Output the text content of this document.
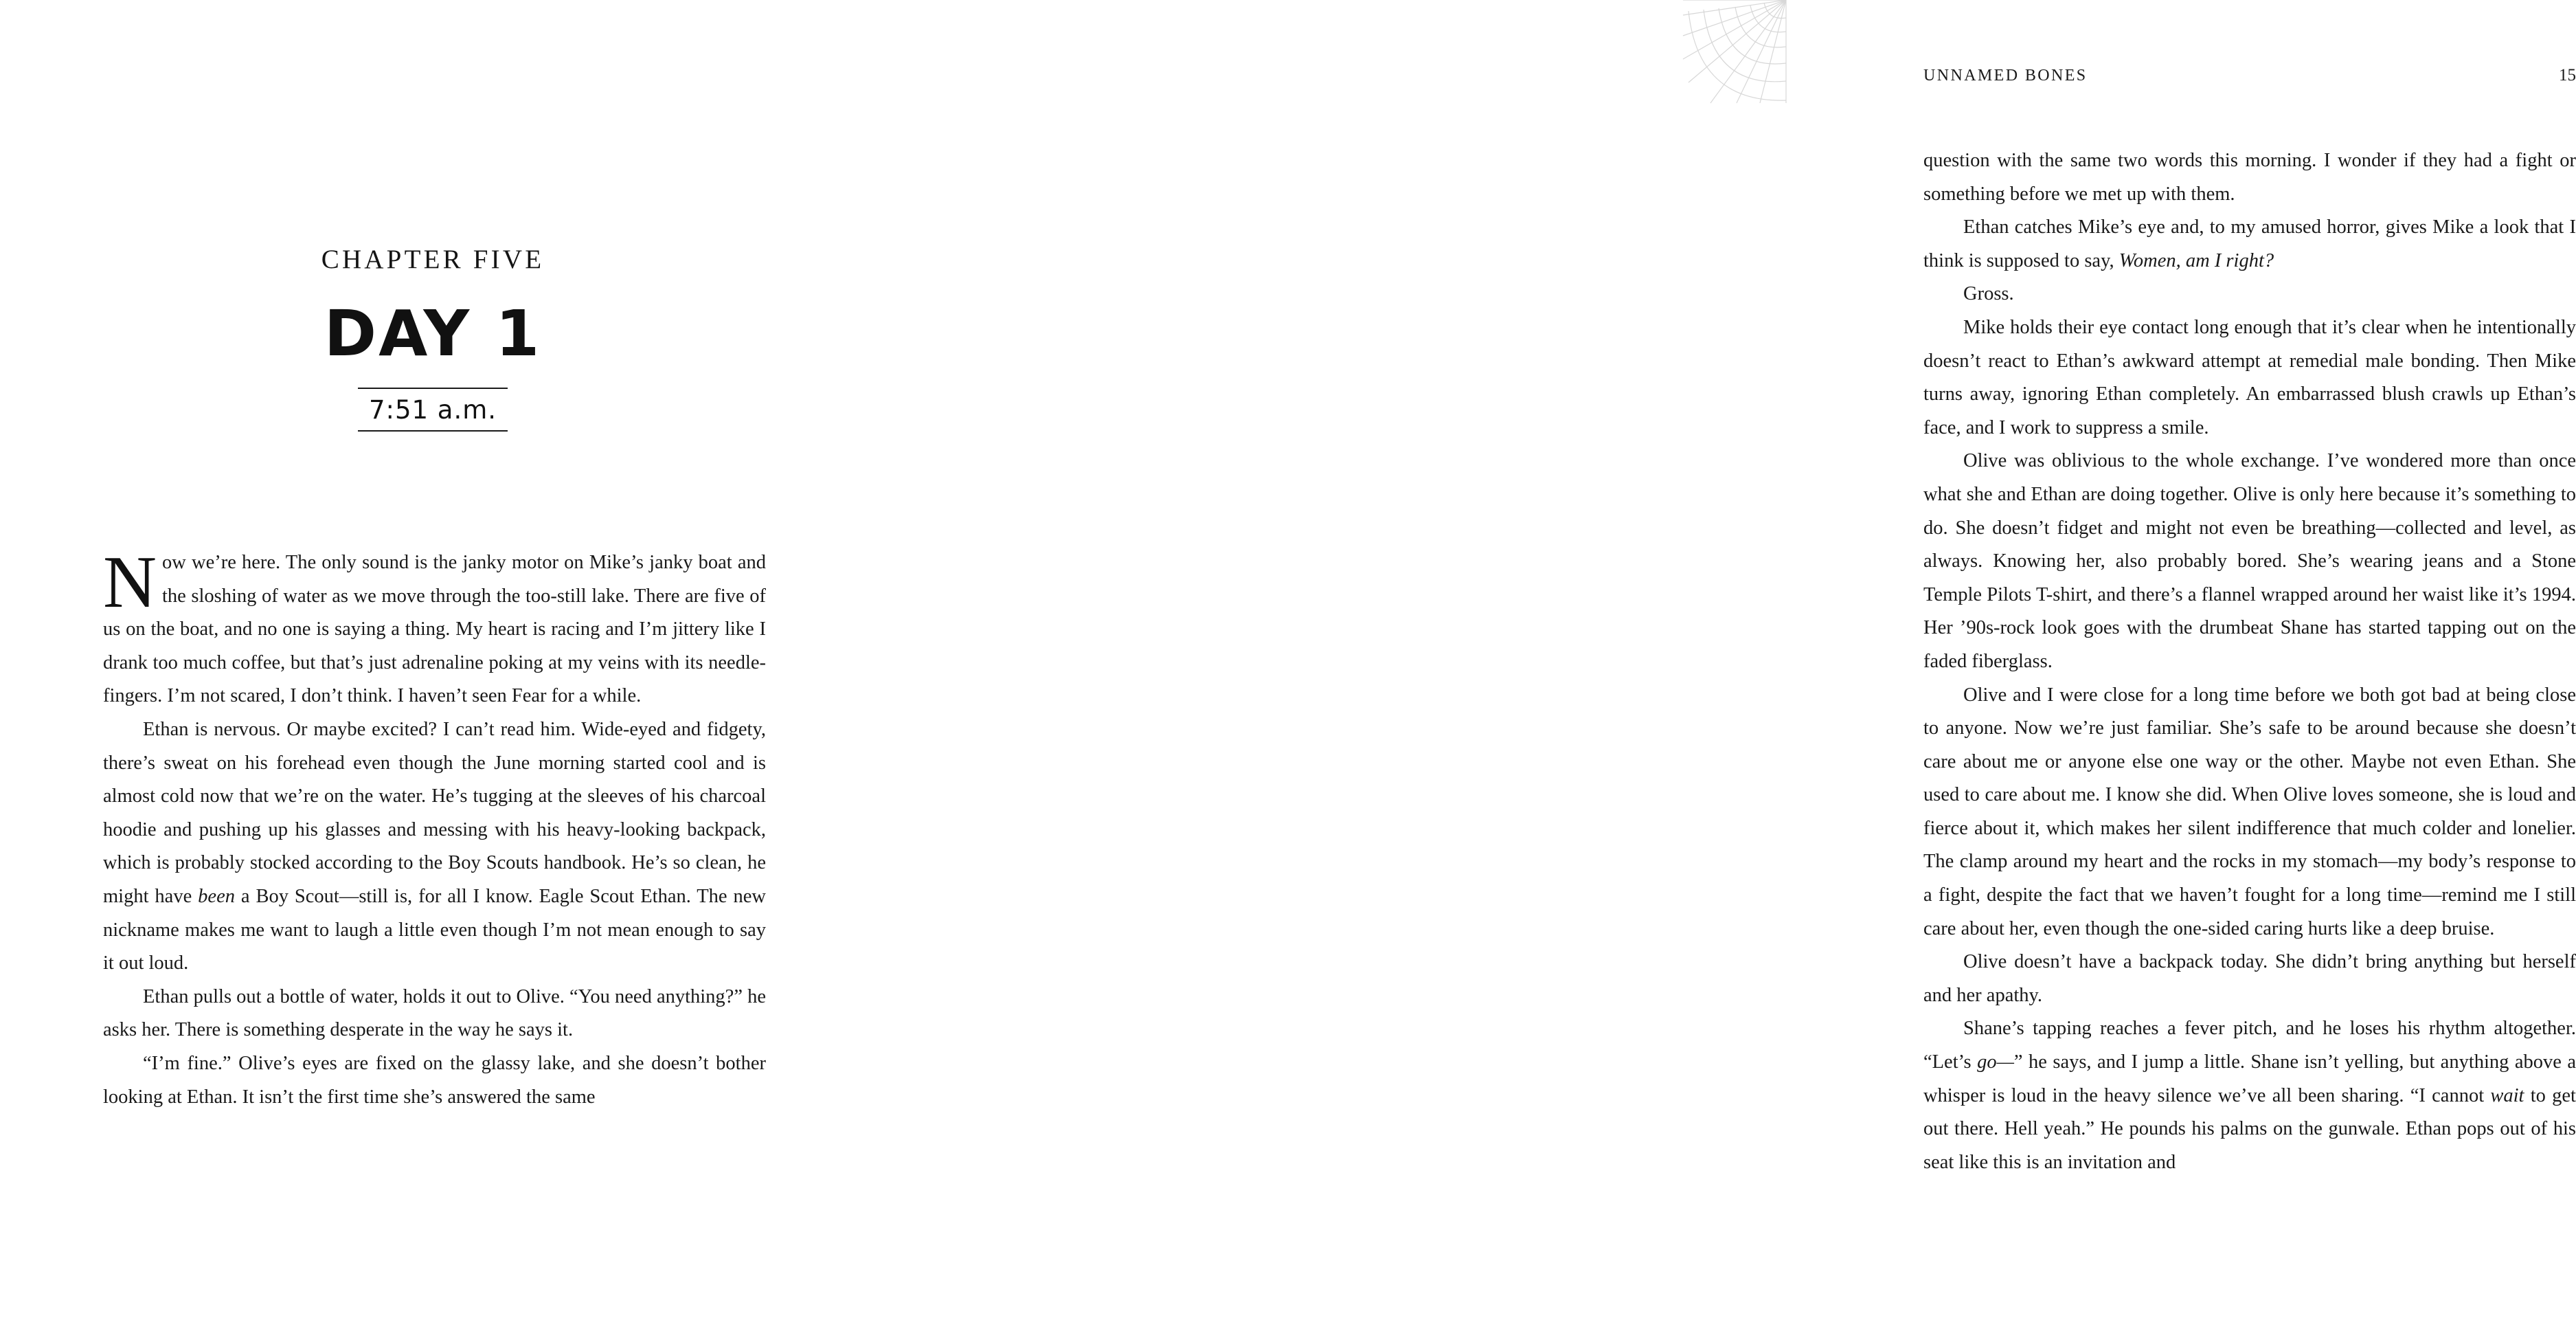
CHAPTER FIVE
DAY 1
7:51 a.m.

Now we’re here. The only sound is the janky motor on Mike’s janky boat and the sloshing of water as we move through the too-still lake. There are five of us on the boat, and no one is saying a thing. My heart is racing and I’m jittery like I drank too much coffee, but that’s just adrenaline poking at my veins with its needle-fingers. I’m not scared, I don’t think. I haven’t seen Fear for a while.

Ethan is nervous. Or maybe excited? I can’t read him. Wide-eyed and fidgety, there’s sweat on his forehead even though the June morning started cool and is almost cold now that we’re on the water. He’s tugging at the sleeves of his charcoal hoodie and pushing up his glasses and messing with his heavy-looking backpack, which is probably stocked according to the Boy Scouts handbook. He’s so clean, he might have been a Boy Scout—still is, for all I know. Eagle Scout Ethan. The new nickname makes me want to laugh a little even though I’m not mean enough to say it out loud.

Ethan pulls out a bottle of water, holds it out to Olive. “You need anything?” he asks her. There is something desperate in the way he says it.

“I’m fine.” Olive’s eyes are fixed on the glassy lake, and she doesn’t bother looking at Ethan. It isn’t the first time she’s answered the same

UNNAMED BONES	15

question with the same two words this morning. I wonder if they had a fight or something before we met up with them.

Ethan catches Mike’s eye and, to my amused horror, gives Mike a look that I think is supposed to say, Women, am I right?

Gross.

Mike holds their eye contact long enough that it’s clear when he intentionally doesn’t react to Ethan’s awkward attempt at remedial male bonding. Then Mike turns away, ignoring Ethan completely. An embarrassed blush crawls up Ethan’s face, and I work to suppress a smile.

Olive was oblivious to the whole exchange. I’ve wondered more than once what she and Ethan are doing together. Olive is only here because it’s something to do. She doesn’t fidget and might not even be breathing—collected and level, as always. Knowing her, also probably bored. She’s wearing jeans and a Stone Temple Pilots T-shirt, and there’s a flannel wrapped around her waist like it’s 1994. Her ’90s-rock look goes with the drumbeat Shane has started tapping out on the faded fiberglass.

Olive and I were close for a long time before we both got bad at being close to anyone. Now we’re just familiar. She’s safe to be around because she doesn’t care about me or anyone else one way or the other. Maybe not even Ethan. She used to care about me. I know she did. When Olive loves someone, she is loud and fierce about it, which makes her silent indifference that much colder and lonelier. The clamp around my heart and the rocks in my stomach—my body’s response to a fight, despite the fact that we haven’t fought for a long time—remind me I still care about her, even though the one-sided caring hurts like a deep bruise.

Olive doesn’t have a backpack today. She didn’t bring anything but herself and her apathy.

Shane’s tapping reaches a fever pitch, and he loses his rhythm altogether. “Let’s go—” he says, and I jump a little. Shane isn’t yelling, but anything above a whisper is loud in the heavy silence we’ve all been sharing. “I cannot wait to get out there. Hell yeah.” He pounds his palms on the gunwale. Ethan pops out of his seat like this is an invitation and
